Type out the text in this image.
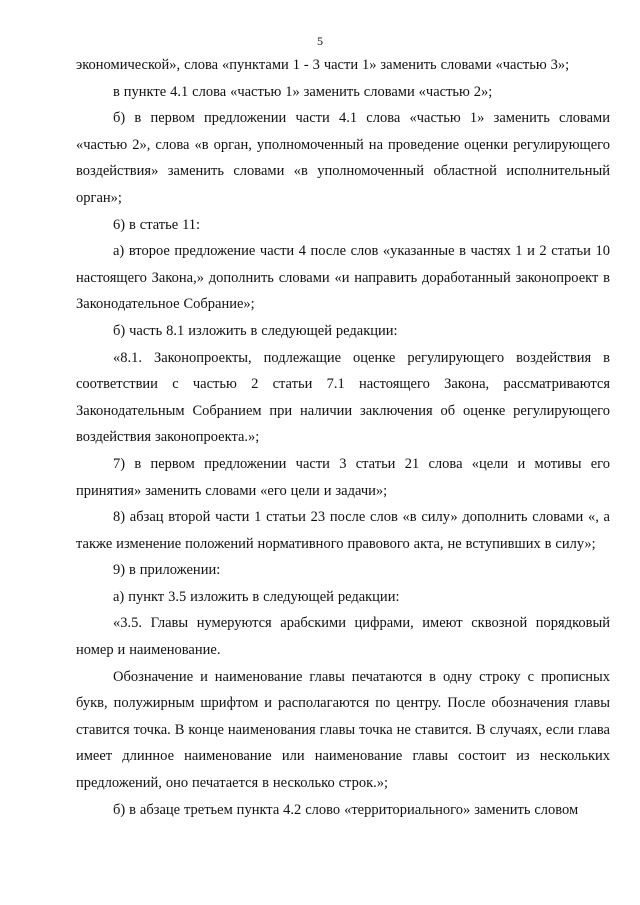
5

экономической», слова «пунктами 1 - 3 части 1» заменить словами «частью 3»;

в пункте 4.1 слова «частью 1» заменить словами «частью 2»;

б) в первом предложении части 4.1 слова «частью 1» заменить словами «частью 2», слова «в орган, уполномоченный на проведение оценки регулирующего воздействия» заменить словами «в уполномоченный областной исполнительный орган»;

6) в статье 11:

а) второе предложение части 4 после слов «указанные в частях 1 и 2 статьи 10 настоящего Закона,» дополнить словами «и направить доработанный законопроект в Законодательное Собрание»;

б) часть 8.1 изложить в следующей редакции:

«8.1. Законопроекты, подлежащие оценке регулирующего воздействия в соответствии с частью 2 статьи 7.1 настоящего Закона, рассматриваются Законодательным Собранием при наличии заключения об оценке регулирующего воздействия законопроекта.»;

7) в первом предложении части 3 статьи 21 слова «цели и мотивы его принятия» заменить словами «его цели и задачи»;

8) абзац второй части 1 статьи 23 после слов «в силу» дополнить словами «, а также изменение положений нормативного правового акта, не вступивших в силу»;

9) в приложении:

а) пункт 3.5 изложить в следующей редакции:

«3.5. Главы нумеруются арабскими цифрами, имеют сквозной порядковый номер и наименование.

Обозначение и наименование главы печатаются в одну строку с прописных букв, полужирным шрифтом и располагаются по центру. После обозначения главы ставится точка. В конце наименования главы точка не ставится. В случаях, если глава имеет длинное наименование или наименование главы состоит из нескольких предложений, оно печатается в несколько строк.»;

б) в абзаце третьем пункта 4.2 слово «территориального» заменить словом
